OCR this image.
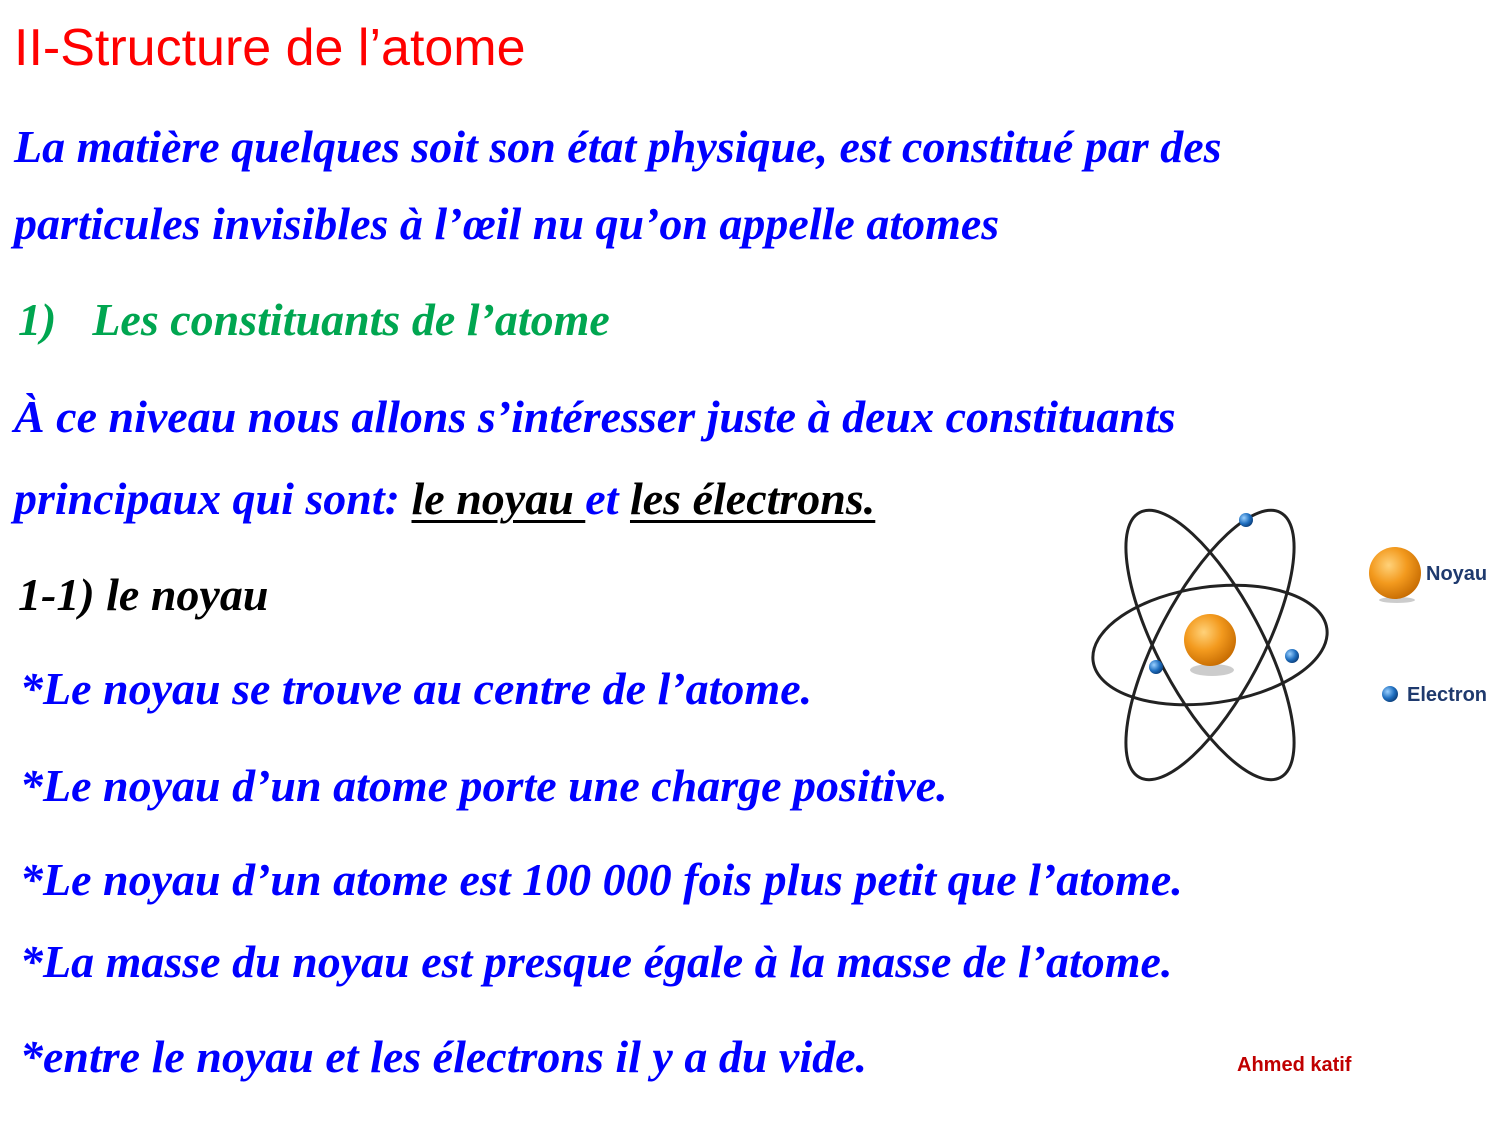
II-Structure de l’atome
La matière quelques soit son état physique, est constitué par des
particules invisibles à l’œil nu qu’on appelle atomes
1) Les constituants de l’atome
À ce niveau nous allons s’intéresser juste à deux constituants
principaux qui sont: le noyau et les électrons.
1-1) le noyau
*Le noyau se trouve au centre de l’atome.
*Le noyau d’un atome porte une charge positive.
*Le noyau d’un atome est 100 000 fois plus petit que l’atome.
*La masse du noyau est presque égale à la masse de l’atome.
*entre le noyau et les électrons il y a du vide.	Ahmed katif
Noyau
Electron
